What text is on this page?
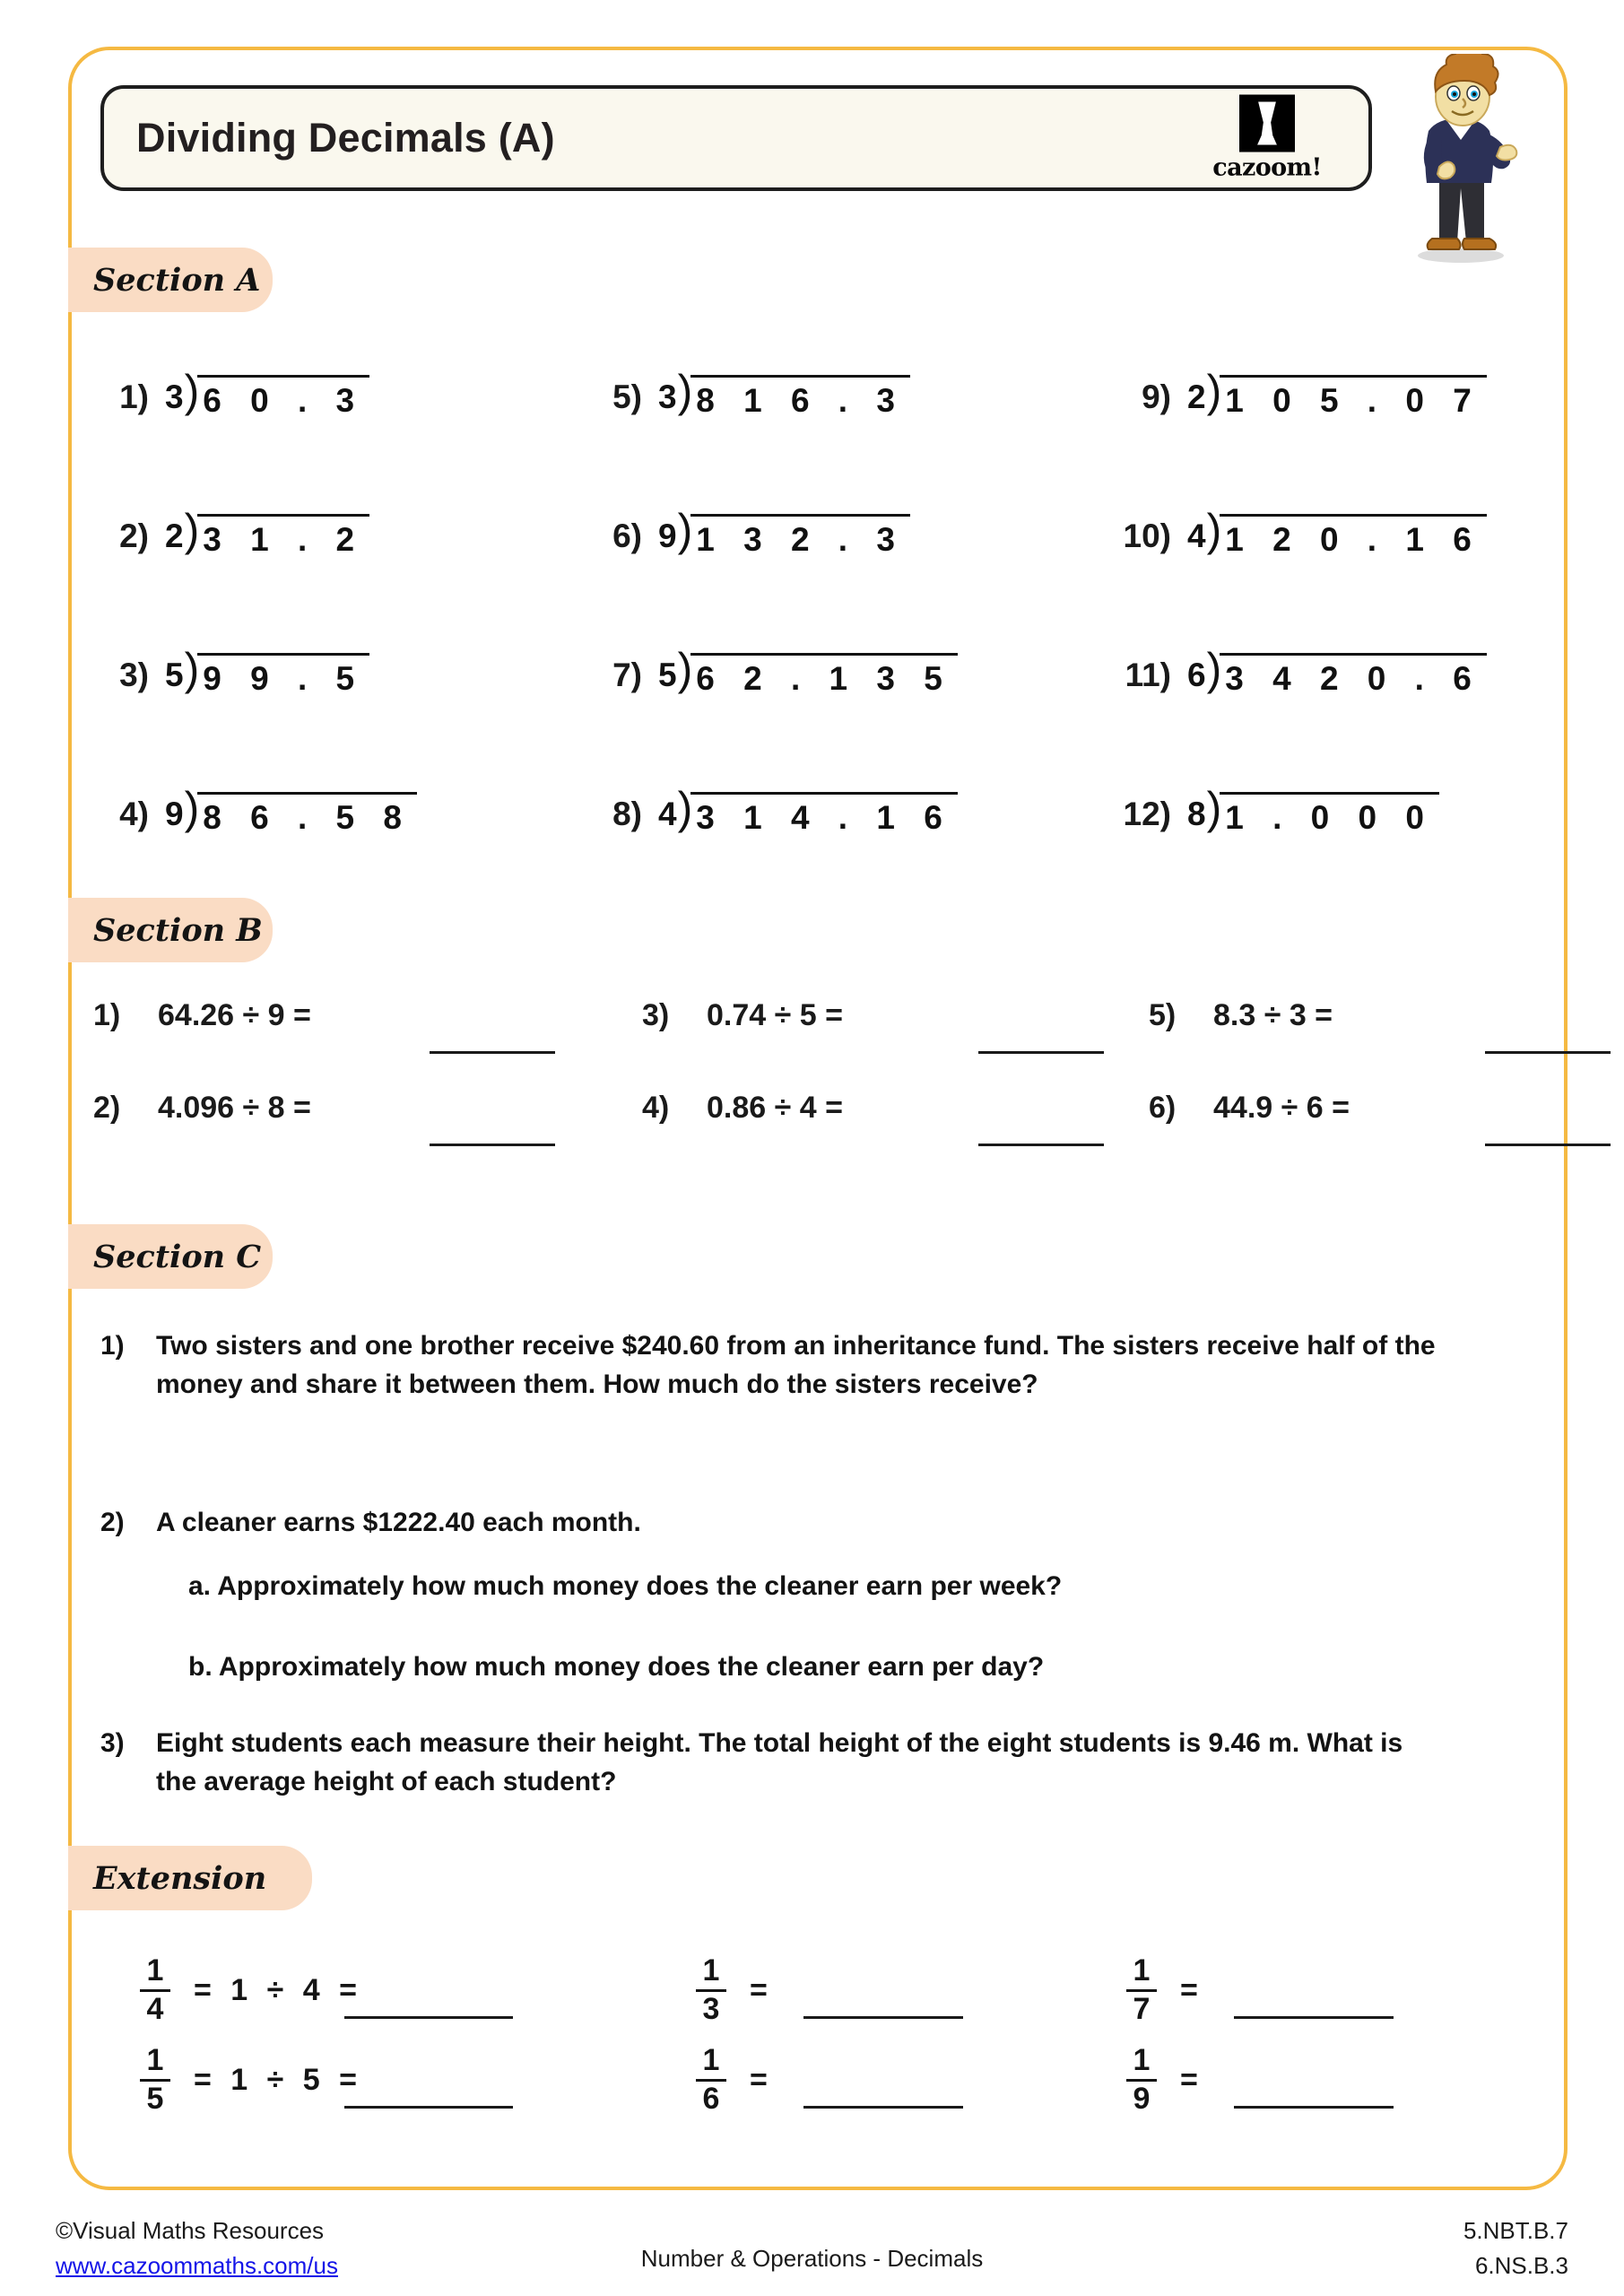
Dividing Decimals (A)
cazoom!
Section A
1) 3 ) 6 0 . 3
2) 2 ) 3 1 . 2
3) 5 ) 9 9 . 5
4) 9 ) 8 6 . 5 8
5) 3 ) 8 1 6 . 3
6) 9 ) 1 3 2 . 3
7) 5 ) 6 2 . 1 3 5
8) 4 ) 3 1 4 . 1 6
9) 2 ) 1 0 5 . 0 7
10) 4 ) 1 2 0 . 1 6
11) 6 ) 3 4 2 0 . 6
12) 8 ) 1 . 0 0 0
Section B
1) 64.26 ÷ 9 =
2) 4.096 ÷ 8 =
3) 0.74 ÷ 5 =
4) 0.86 ÷ 4 =
5) 8.3 ÷ 3 =
6) 44.9 ÷ 6 =
Section C
1)	Two sisters and one brother receive $240.60 from an inheritance fund. The sisters receive half of the money and share it between them. How much do the sisters receive?
2)	A cleaner earns $1222.40 each month.
a. Approximately how much money does the cleaner earn per week?
b. Approximately how much money does the cleaner earn per day?
3)	Eight students each measure their height. The total height of the eight students is 9.46 m. What is the average height of each student?
Extension
$\frac{1}{4} = 1 \div 4$ =
$\frac{1}{5} = 1 \div 5$ =
$\frac{1}{3}$ =
$\frac{1}{6}$ =
$\frac{1}{7}$ =
$\frac{1}{9}$ =
©Visual Maths Resources
www.cazoommaths.com/us	Number & Operations - Decimals
5.NBT.B.7
6.NS.B.3
